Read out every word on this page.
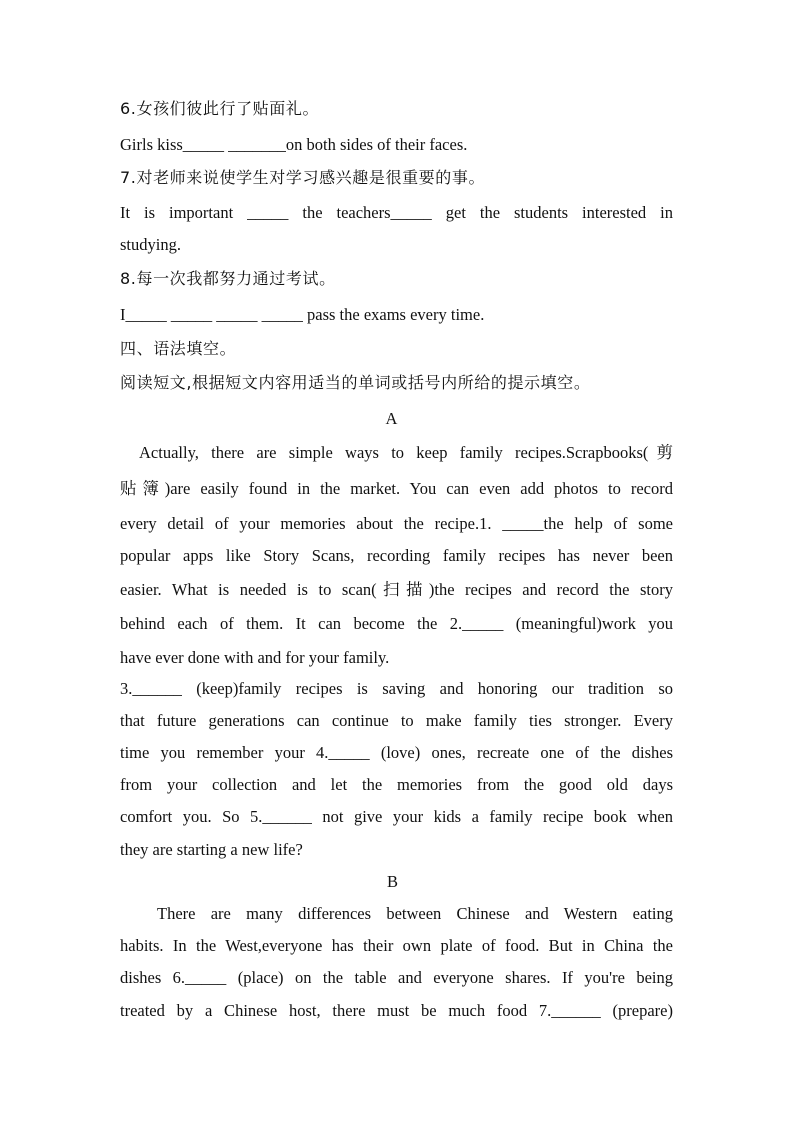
6.女孩们彼此行了贴面礼。
Girls kiss_____ _______on both sides of their faces.
7.对老师来说使学生对学习感兴趣是很重要的事。
It is important _____ the teachers_____ get the students interested in
studying.
8.每一次我都努力通过考试。
I_____ _____ _____ _____ pass the exams every time.
四、语法填空。
阅读短文,根据短文内容用适当的单词或括号内所给的提示填空。
A
Actually, there are simple ways to keep family recipes.Scrapbooks(剪
贴簿)are easily found in the market. You can even add photos to record
every detail of your memories about the recipe.1. _____the help of some
popular apps like Story Scans, recording family recipes has never been
easier. What is needed is to scan(扫描)the recipes and record the story
behind each of them. It can become the 2._____ (meaningful)work you
have ever done with and for your family.
3.______ (keep)family recipes is saving and honoring our tradition so
that future generations can continue to make family ties stronger. Every
time you remember your 4._____ (love) ones, recreate one of the dishes
from your collection and let the memories from the good old days
comfort you. So 5.______ not give your kids a family recipe book when
they are starting a new life?
B
There are many differences between Chinese and Western eating
habits. In the West,everyone has their own plate of food. But in China the
dishes 6._____ (place) on the table and everyone shares. If you're being
treated by a Chinese host, there must be much food 7.______ (prepare)
